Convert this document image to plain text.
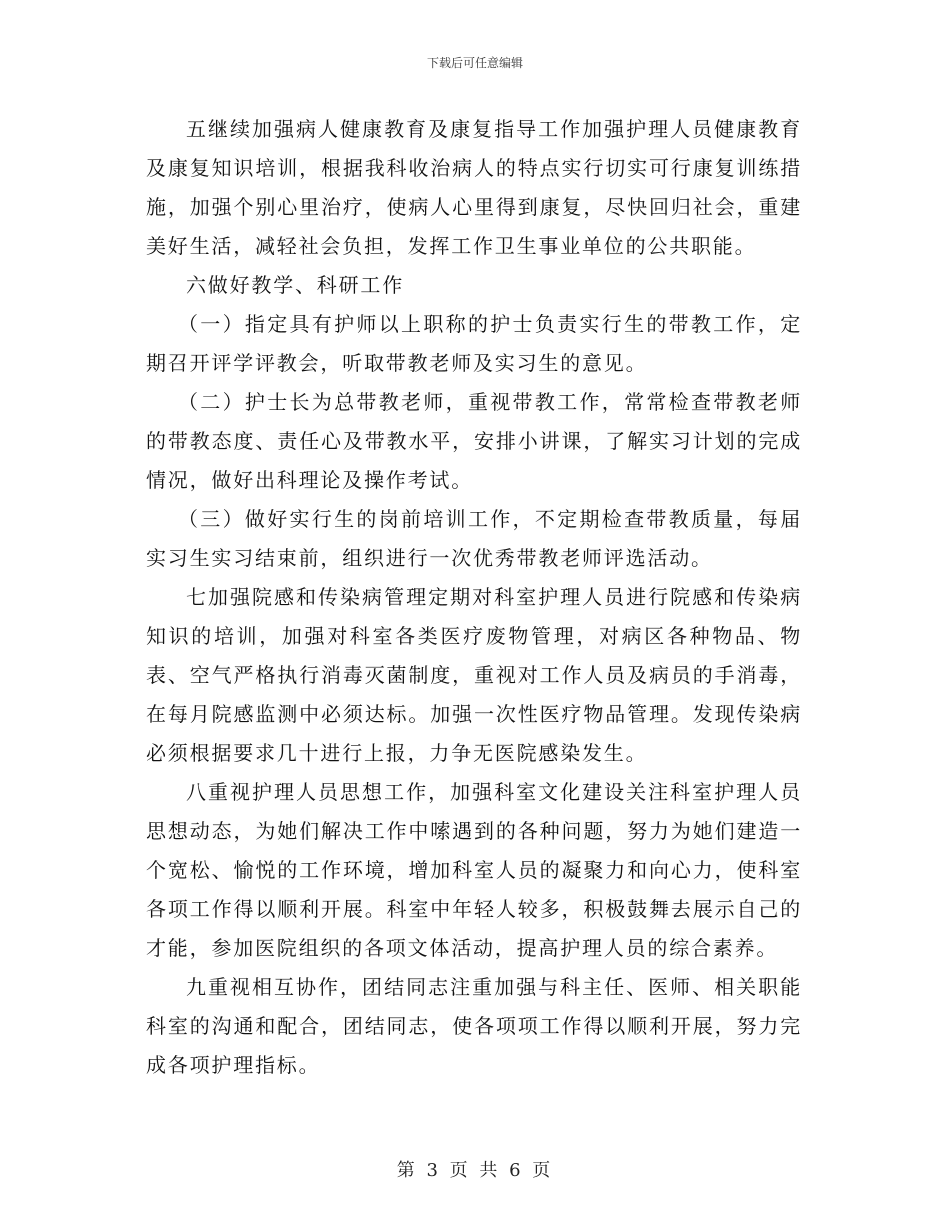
下载后可任意编辑

五继续加强病人健康教育及康复指导工作加强护理人员健康教育及康复知识培训，根据我科收治病人的特点实行切实可行康复训练措施，加强个别心里治疗，使病人心里得到康复，尽快回归社会，重建美好生活，减轻社会负担，发挥工作卫生事业单位的公共职能。

六做好教学、科研工作

（一）指定具有护师以上职称的护士负责实行生的带教工作，定期召开评学评教会，听取带教老师及实习生的意见。

（二）护士长为总带教老师，重视带教工作，常常检查带教老师的带教态度、责任心及带教水平，安排小讲课，了解实习计划的完成情况，做好出科理论及操作考试。

（三）做好实行生的岗前培训工作，不定期检查带教质量，每届实习生实习结束前，组织进行一次优秀带教老师评选活动。

七加强院感和传染病管理定期对科室护理人员进行院感和传染病知识的培训，加强对科室各类医疗废物管理，对病区各种物品、物表、空气严格执行消毒灭菌制度，重视对工作人员及病员的手消毒，在每月院感监测中必须达标。加强一次性医疗物品管理。发现传染病必须根据要求几十进行上报，力争无医院感染发生。

八重视护理人员思想工作，加强科室文化建设关注科室护理人员思想动态，为她们解决工作中嗦遇到的各种问题，努力为她们建造一个宽松、愉悦的工作环境，增加科室人员的凝聚力和向心力，使科室各项工作得以顺利开展。科室中年轻人较多，积极鼓舞去展示自己的才能，参加医院组织的各项文体活动，提高护理人员的综合素养。

九重视相互协作，团结同志注重加强与科主任、医师、相关职能科室的沟通和配合，团结同志，使各项项工作得以顺利开展，努力完成各项护理指标。

第 3 页 共 6 页
